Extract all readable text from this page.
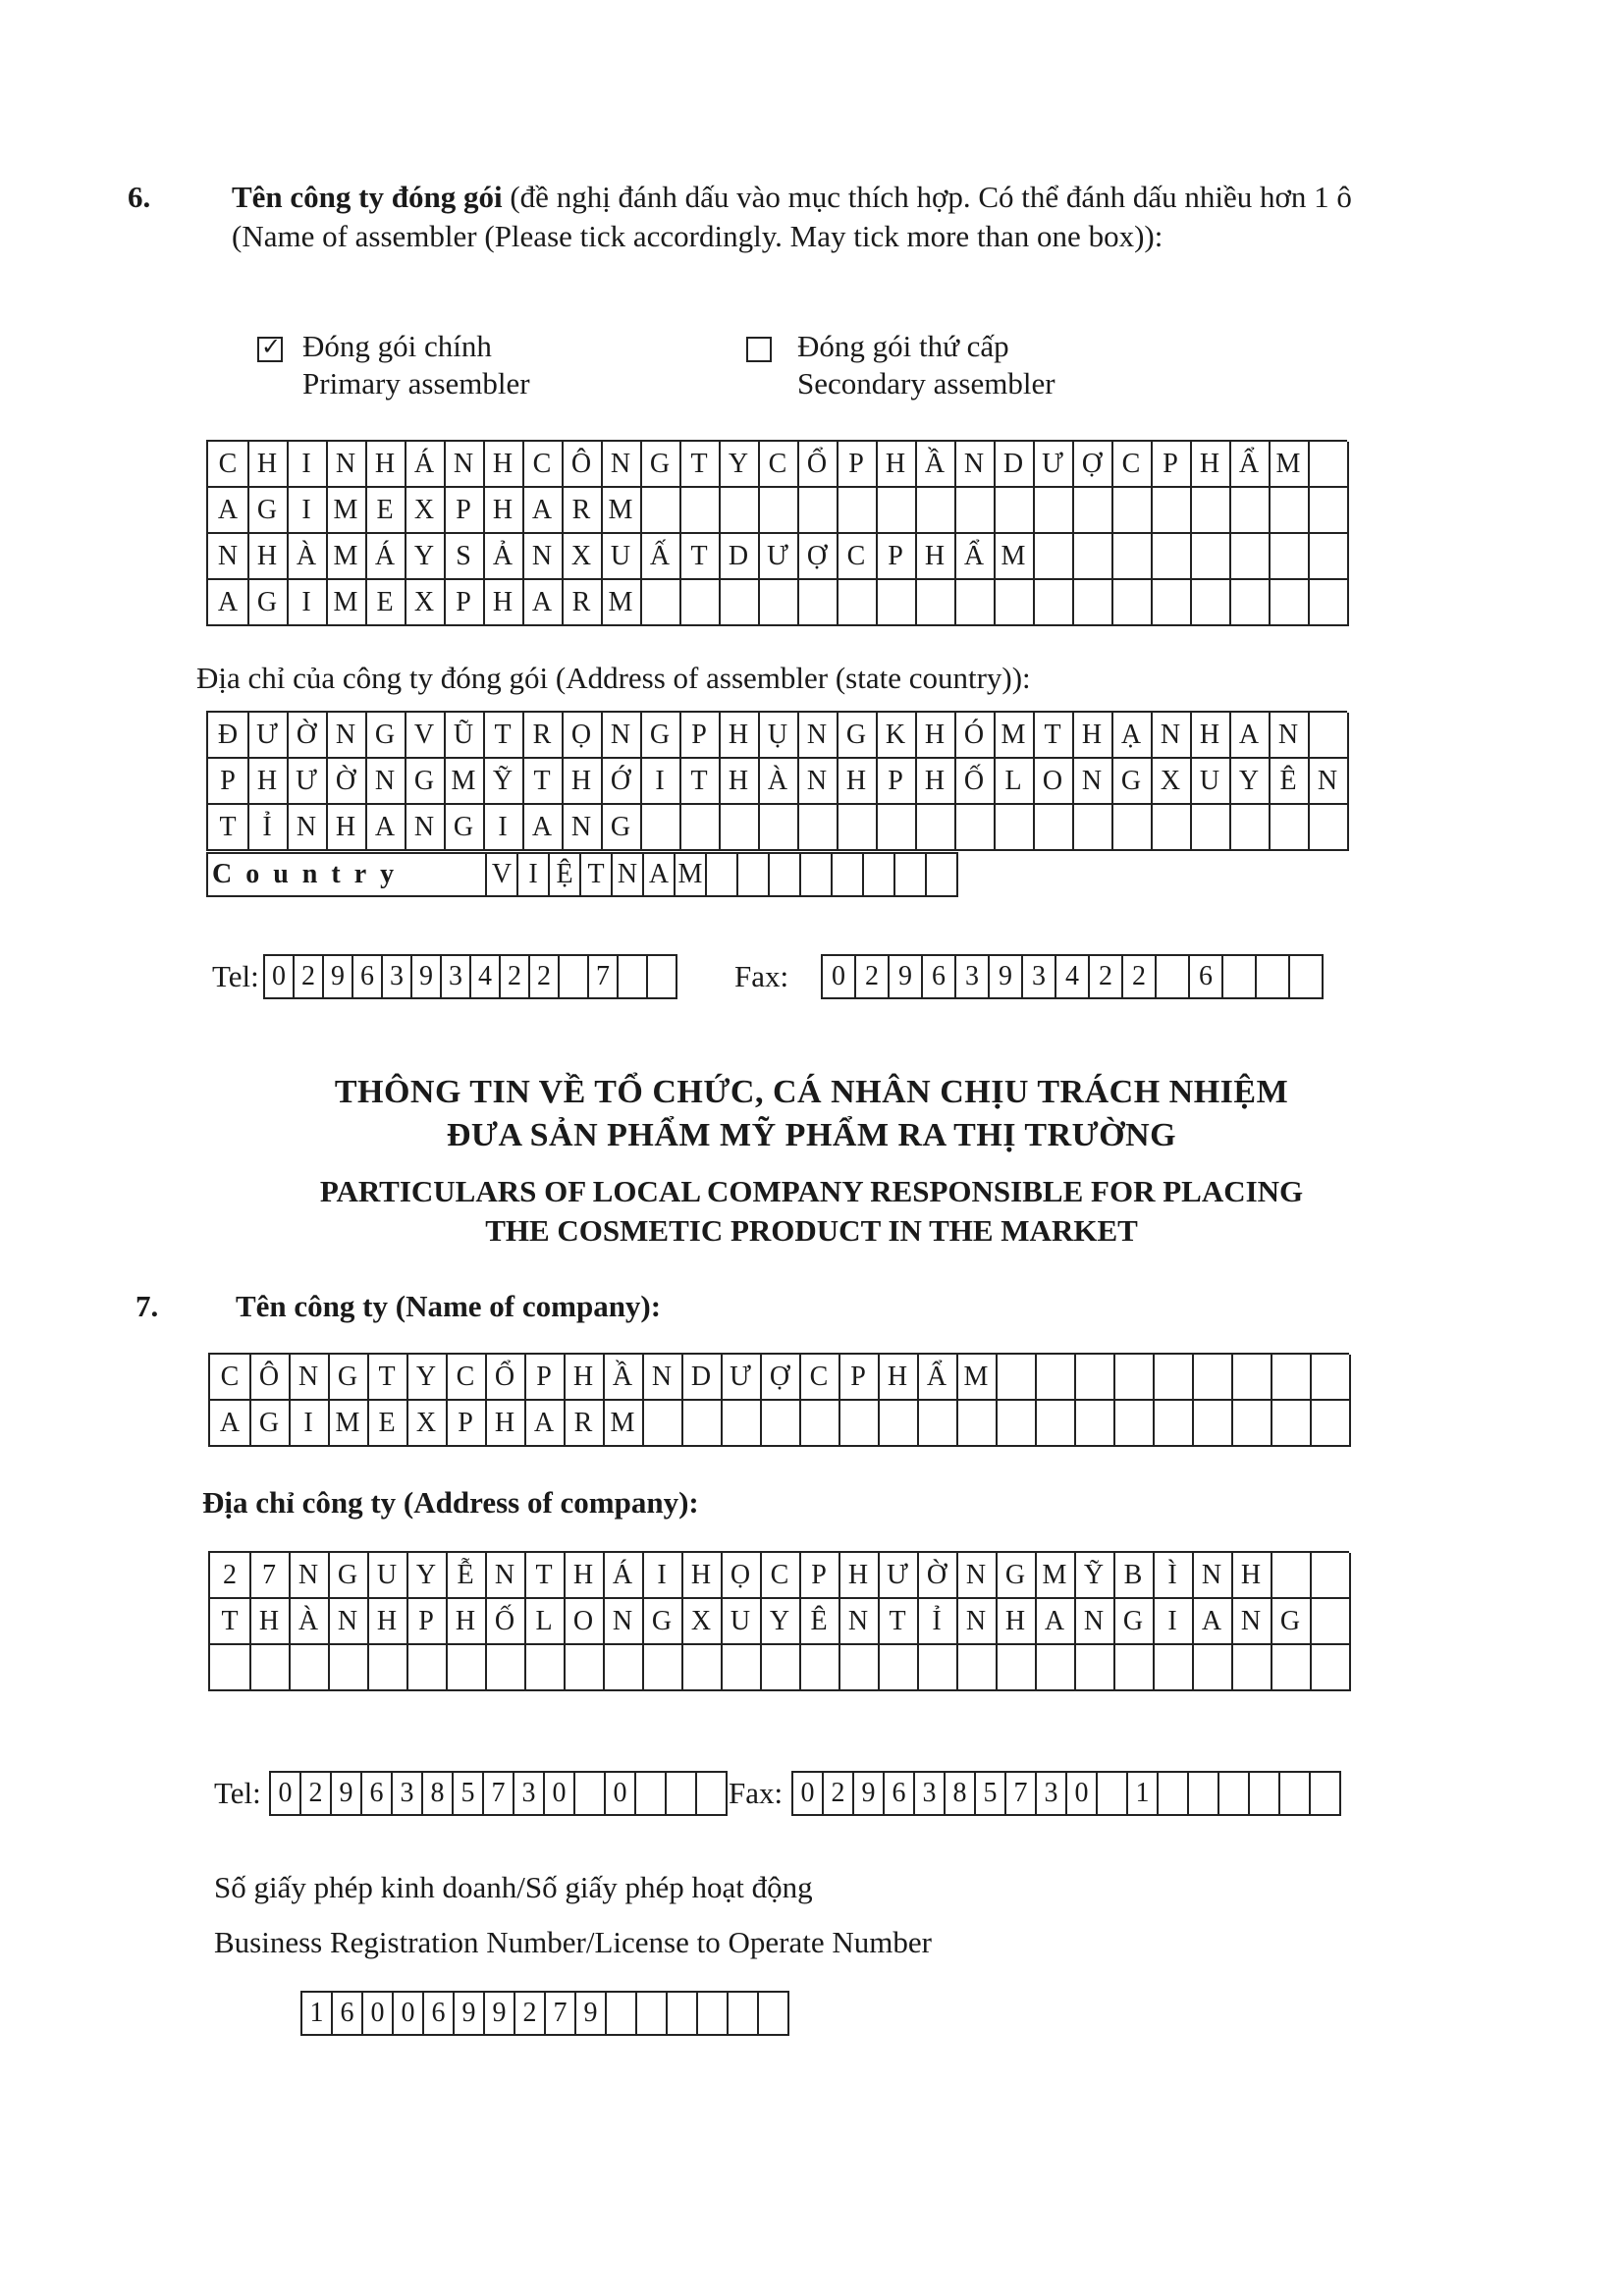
6.	Tên công ty đóng gói (đề nghị đánh dấu vào mục thích hợp. Có thể đánh dấu nhiều hơn 1 ô
(Name of assembler (Please tick accordingly. May tick more than one box)):
✓ Đóng gói chính
Primary assembler
Đóng gói thứ cấp
Secondary assembler
C H I N H Á N H C Ô N G T Y C Ổ P H Ầ N D Ư Ợ C P H Ẩ M
A G I M E X P H A R M
N H À M Á Y S Ả N X U Ấ T D Ư Ợ C P H Ẩ M
A G I M E X P H A R M
Địa chỉ của công ty đóng gói (Address of assembler (state country)):
Đ Ư Ờ N G V Ũ T R Ọ N G P H Ụ N G K H Ó M T H Ạ N H A N
P H Ư Ờ N G M Ỹ T H Ớ I T H À N H P H Ố L O N G X U Y Ê N
T Ỉ N H A N G I A N G
Country	V I Ệ T N A M
Tel: 0 2 9 6 3 9 3 4 2 2	7	Fax:	0 2 9 6 3 9 3 4 2 2	6
THÔNG TIN VỀ TỔ CHỨC, CÁ NHÂN CHỊU TRÁCH NHIỆM
ĐƯA SẢN PHẨM MỸ PHẨM RA THỊ TRƯỜNG
PARTICULARS OF LOCAL COMPANY RESPONSIBLE FOR PLACING
THE COSMETIC PRODUCT IN THE MARKET
7.	Tên công ty (Name of company):
C Ô N G T Y C Ổ P H Ầ N D Ư Ợ C P H Ẩ M
A G I M E X P H A R M
Địa chỉ công ty (Address of company):
2 7 N G U Y Ễ N T H Á I H Ọ C P H Ư Ờ N G M Ỹ B Ì N H
T H À N H P H Ố L O N G X U Y Ê N T Ỉ N H A N G I A N G
Tel: 0 2 9 6 3 8 5 7 3 0	0	Fax: 0 2 9 6 3 8 5 7 3 0	1
Số giấy phép kinh doanh/Số giấy phép hoạt động
Business Registration Number/License to Operate Number
1 6 0 0 6 9 9 2 7 9
